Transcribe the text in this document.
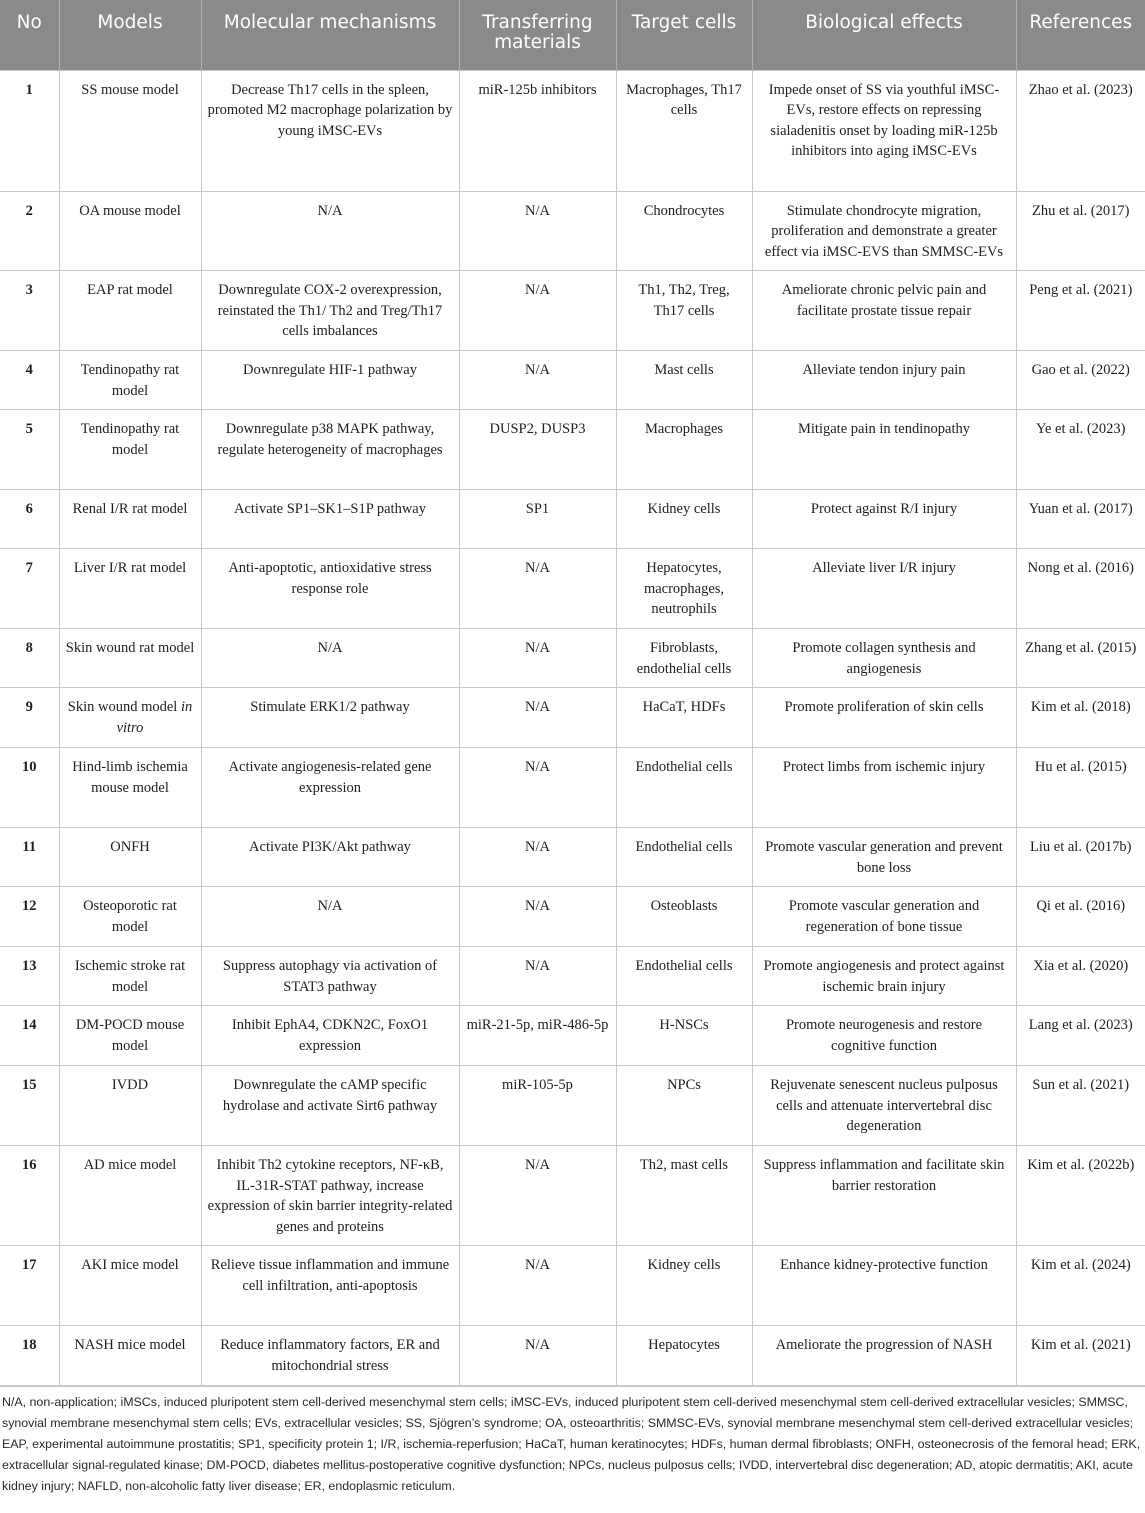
No	Models	Molecular mechanisms	Transferring materials	Target cells	Biological effects	References
1	SS mouse model	Decrease Th17 cells in the spleen, promoted M2 macrophage polarization by young iMSC-EVs	miR-125b inhibitors	Macrophages, Th17 cells	Impede onset of SS via youthful iMSC-EVs, restore effects on repressing sialadenitis onset by loading miR-125b inhibitors into aging iMSC-EVs	Zhao et al. (2023)
2	OA mouse model	N/A	N/A	Chondrocytes	Stimulate chondrocyte migration, proliferation and demonstrate a greater effect via iMSC-EVS than SMMSC-EVs	Zhu et al. (2017)
3	EAP rat model	Downregulate COX-2 overexpression, reinstated the Th1/ Th2 and Treg/Th17 cells imbalances	N/A	Th1, Th2, Treg, Th17 cells	Ameliorate chronic pelvic pain and facilitate prostate tissue repair	Peng et al. (2021)
4	Tendinopathy rat model	Downregulate HIF-1 pathway	N/A	Mast cells	Alleviate tendon injury pain	Gao et al. (2022)
5	Tendinopathy rat model	Downregulate p38 MAPK pathway, regulate heterogeneity of macrophages	DUSP2, DUSP3	Macrophages	Mitigate pain in tendinopathy	Ye et al. (2023)
6	Renal I/R rat model	Activate SP1–SK1–S1P pathway	SP1	Kidney cells	Protect against R/I injury	Yuan et al. (2017)
7	Liver I/R rat model	Anti-apoptotic, antioxidative stress response role	N/A	Hepatocytes, macrophages, neutrophils	Alleviate liver I/R injury	Nong et al. (2016)
8	Skin wound rat model	N/A	N/A	Fibroblasts, endothelial cells	Promote collagen synthesis and angiogenesis	Zhang et al. (2015)
9	Skin wound model in vitro	Stimulate ERK1/2 pathway	N/A	HaCaT, HDFs	Promote proliferation of skin cells	Kim et al. (2018)
10	Hind-limb ischemia mouse model	Activate angiogenesis-related gene expression	N/A	Endothelial cells	Protect limbs from ischemic injury	Hu et al. (2015)
11	ONFH	Activate PI3K/Akt pathway	N/A	Endothelial cells	Promote vascular generation and prevent bone loss	Liu et al. (2017b)
12	Osteoporotic rat model	N/A	N/A	Osteoblasts	Promote vascular generation and regeneration of bone tissue	Qi et al. (2016)
13	Ischemic stroke rat model	Suppress autophagy via activation of STAT3 pathway	N/A	Endothelial cells	Promote angiogenesis and protect against ischemic brain injury	Xia et al. (2020)
14	DM-POCD mouse model	Inhibit EphA4, CDKN2C, FoxO1 expression	miR-21-5p, miR-486-5p	H-NSCs	Promote neurogenesis and restore cognitive function	Lang et al. (2023)
15	IVDD	Downregulate the cAMP specific hydrolase and activate Sirt6 pathway	miR-105-5p	NPCs	Rejuvenate senescent nucleus pulposus cells and attenuate intervertebral disc degeneration	Sun et al. (2021)
16	AD mice model	Inhibit Th2 cytokine receptors, NF-κB, IL-31R-STAT pathway, increase expression of skin barrier integrity-related genes and proteins	N/A	Th2, mast cells	Suppress inflammation and facilitate skin barrier restoration	Kim et al. (2022b)
17	AKI mice model	Relieve tissue inflammation and immune cell infiltration, anti-apoptosis	N/A	Kidney cells	Enhance kidney-protective function	Kim et al. (2024)
18	NASH mice model	Reduce inflammatory factors, ER and mitochondrial stress	N/A	Hepatocytes	Ameliorate the progression of NASH	Kim et al. (2021)
N/A, non-application; iMSCs, induced pluripotent stem cell-derived mesenchymal stem cells; iMSC-EVs, induced pluripotent stem cell-derived mesenchymal stem cell-derived extracellular vesicles; SMMSC, synovial membrane mesenchymal stem cells; EVs, extracellular vesicles; SS, Sjögren’s syndrome; OA, osteoarthritis; SMMSC-EVs, synovial membrane mesenchymal stem cell-derived extracellular vesicles; EAP, experimental autoimmune prostatitis; SP1, specificity protein 1; I/R, ischemia-reperfusion; HaCaT, human keratinocytes; HDFs, human dermal fibroblasts; ONFH, osteonecrosis of the femoral head; ERK, extracellular signal-regulated kinase; DM-POCD, diabetes mellitus-postoperative cognitive dysfunction; NPCs, nucleus pulposus cells; IVDD, intervertebral disc degeneration; AD, atopic dermatitis; AKI, acute kidney injury; NAFLD, non-alcoholic fatty liver disease; ER, endoplasmic reticulum.
